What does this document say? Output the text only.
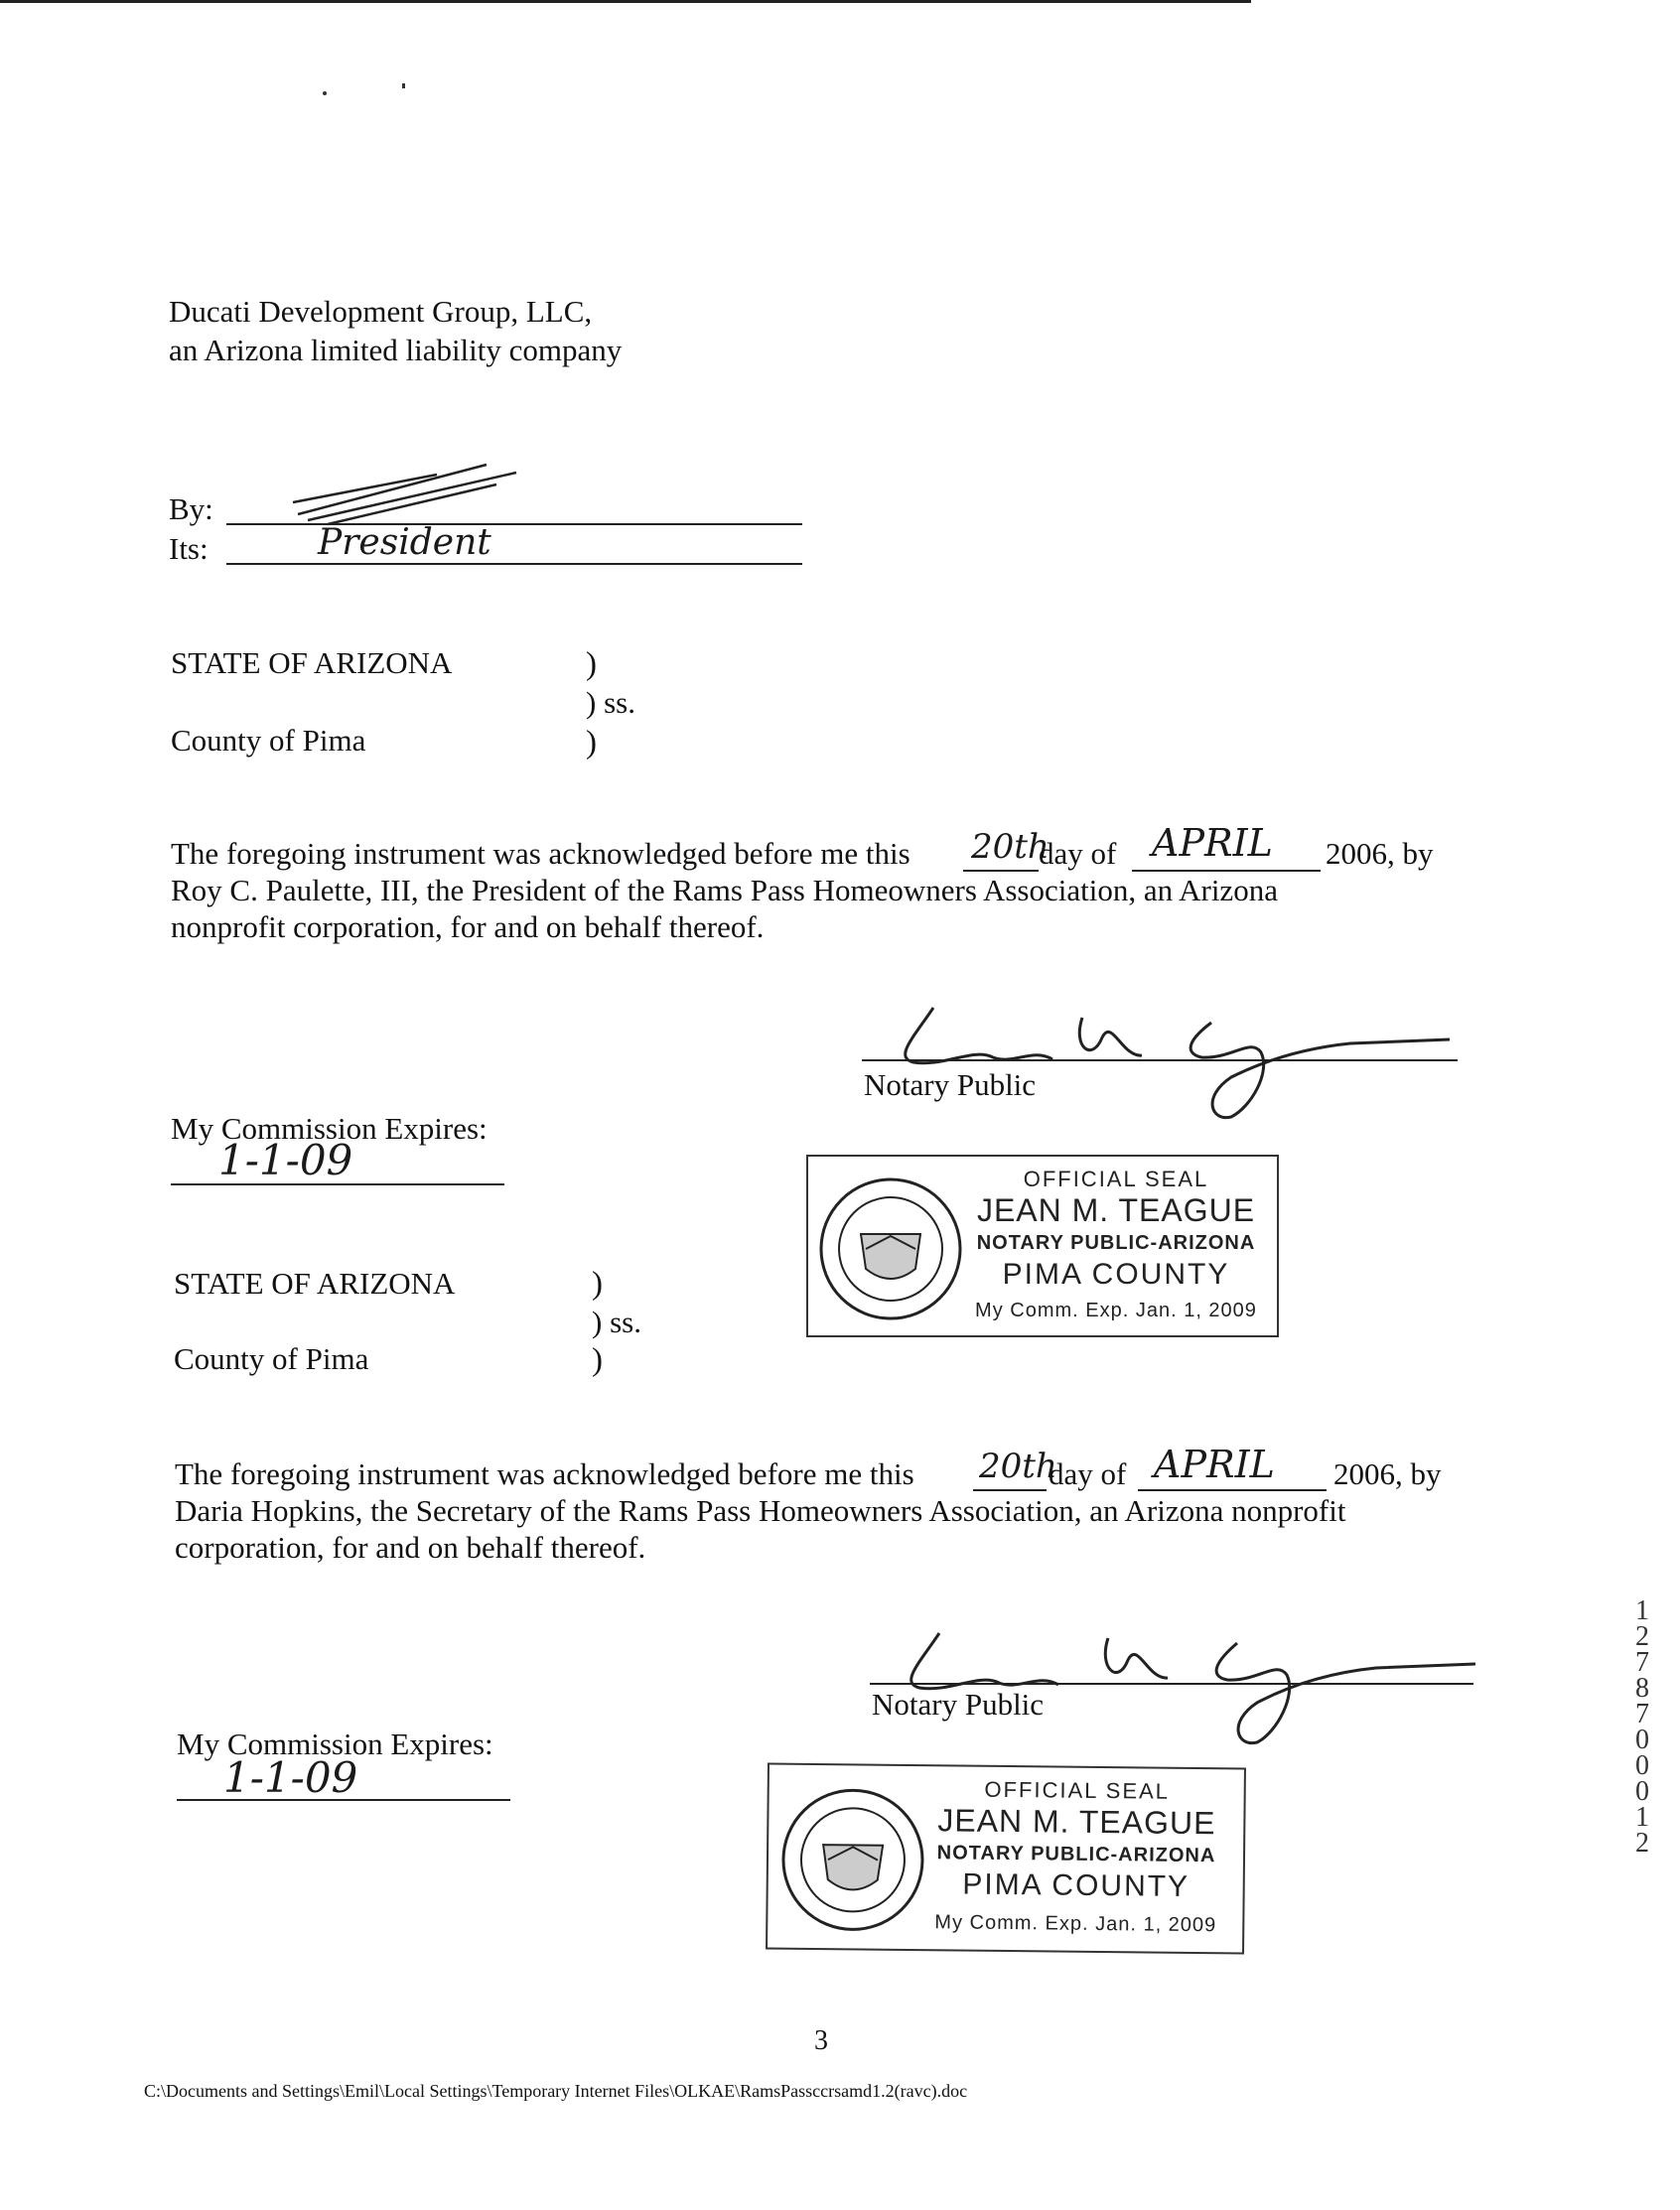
Ducati Development Group, LLC,
an Arizona limited liability company
By:
Its:	President
STATE OF ARIZONA	)
) ss.
County of Pima	)
The foregoing instrument was acknowledged before me this 20th
day of APRIL 2006, by
Roy C. Paulette, III, the President of the Rams Pass Homeowners Association, an Arizona
nonprofit corporation, for and on behalf thereof.
Notary Public
My Commission Expires:
1-1-09	OFFICIAL SEAL
JEAN M. TEAGUE
NOTARY PUBLIC-ARIZONA
PIMA COUNTY
My Comm. Exp. Jan. 1, 2009
STATE OF ARIZONA	)
) ss.
County of Pima	)
The foregoing instrument was acknowledged before me this 20th
day of APRIL 2006, by
Daria Hopkins, the Secretary of the Rams Pass Homeowners Association, an Arizona nonprofit
corporation, for and on behalf thereof.
Notary Public
My Commission Expires:
1-1-09	OFFICIAL SEAL
JEAN M. TEAGUE
NOTARY PUBLIC-ARIZONA
PIMA COUNTY
My Comm. Exp. Jan. 1, 2009
12787 00012
3
C:\Documents and Settings\Emil\Local Settings\Temporary Internet Files\OLKAE\RamsPassccrsamd1.2(ravc).doc
